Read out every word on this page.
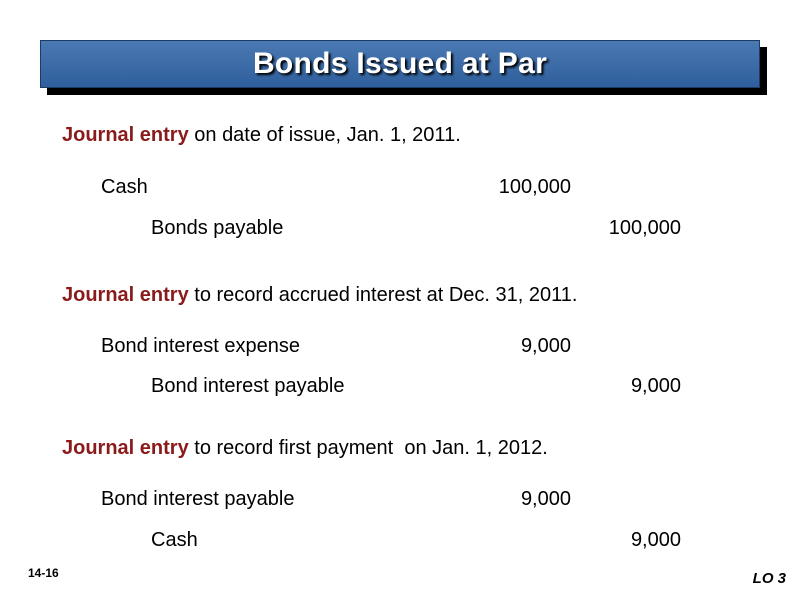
Bonds Issued at Par
Journal entry on date of issue, Jan. 1, 2011.
Cash	100,000
Bonds payable	100,000
Journal entry to record accrued interest at Dec. 31, 2011.
Bond interest expense	9,000
Bond interest payable	9,000
Journal entry to record first payment  on Jan. 1, 2012.
Bond interest payable	9,000
Cash	9,000
14-16	LO 3
